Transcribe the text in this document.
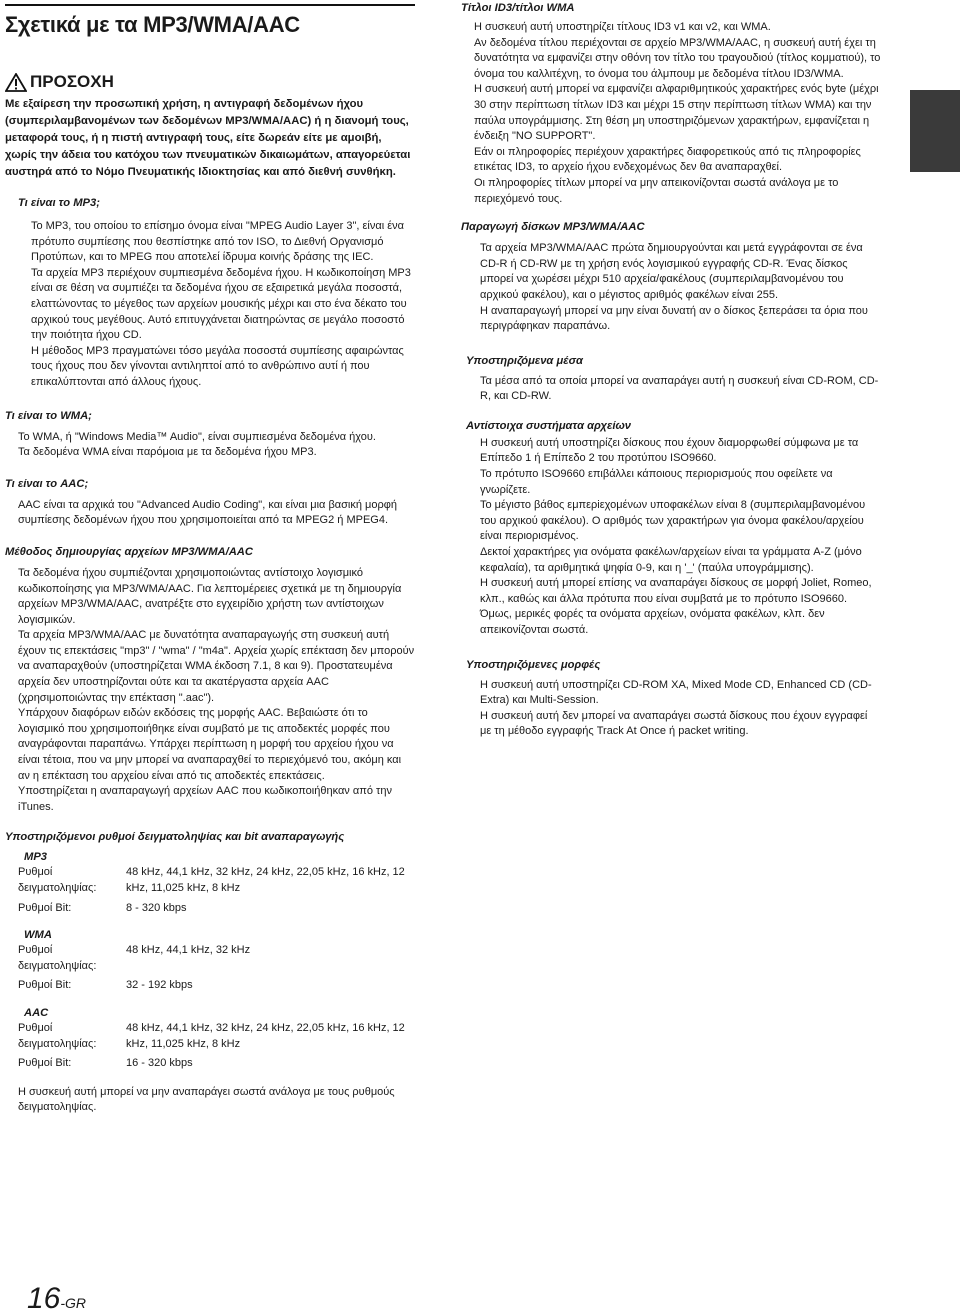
Σχετικά με τα MP3/WMA/AAC
ΠΡΟΣΟΧΗ
Με εξαίρεση την προσωπική χρήση, η αντιγραφή δεδομένων ήχου (συμπεριλαμβανομένων των δεδομένων MP3/WMA/AAC) ή η διανομή τους, μεταφορά τους, ή η πιστή αντιγραφή τους, είτε δωρεάν είτε με αμοιβή, χωρίς την άδεια του κατόχου των πνευματικών δικαιωμάτων, απαγορεύεται αυστηρά από το Νόμο Πνευματικής Ιδιοκτησίας και από διεθνή συνθήκη.
Τι είναι το MP3;
Το MP3, του οποίου το επίσημο όνομα είναι "MPEG Audio Layer 3", είναι ένα πρότυπο συμπίεσης που θεσπίστηκε από τον ISO, το Διεθνή Οργανισμό Προτύπων, και το MPEG που αποτελεί ίδρυμα κοινής δράσης της IEC.
Τα αρχεία MP3 περιέχουν συμπιεσμένα δεδομένα ήχου. Η κωδικοποίηση MP3 είναι σε θέση να συμπιέζει τα δεδομένα ήχου σε εξαιρετικά μεγάλα ποσοστά, ελαττώνοντας το μέγεθος των αρχείων μουσικής μέχρι και στο ένα δέκατο του αρχικού τους μεγέθους. Αυτό επιτυγχάνεται διατηρώντας σε μεγάλο ποσοστό την ποιότητα ήχου CD.
Η μέθοδος MP3 πραγματώνει τόσο μεγάλα ποσοστά συμπίεσης αφαιρώντας τους ήχους που δεν γίνονται αντιληπτοί από το ανθρώπινο αυτί ή που επικαλύπτονται από άλλους ήχους.
Τι είναι το WMA;
Το WMA, ή "Windows Media™ Audio", είναι συμπιεσμένα δεδομένα ήχου.
Τα δεδομένα WMA είναι παρόμοια με τα δεδομένα ήχου MP3.
Τι είναι το AAC;
AAC είναι τα αρχικά του "Advanced Audio Coding", και είναι μια βασική μορφή συμπίεσης δεδομένων ήχου που χρησιμοποιείται από τα MPEG2 ή MPEG4.
Μέθοδος δημιουργίας αρχείων MP3/WMA/AAC
Τα δεδομένα ήχου συμπιέζονται χρησιμοποιώντας αντίστοιχο λογισμικό κωδικοποίησης για MP3/WMA/AAC. Για λεπτομέρειες σχετικά με τη δημιουργία αρχείων MP3/WMA/AAC, ανατρέξτε στο εγχειρίδιο χρήστη των αντίστοιχων λογισμικών.
Τα αρχεία MP3/WMA/AAC με δυνατότητα αναπαραγωγής στη συσκευή αυτή έχουν τις επεκτάσεις "mp3" / "wma" / "m4a". Αρχεία χωρίς επέκταση δεν μπορούν να αναπαραχθούν (υποστηρίζεται WMA έκδοση 7.1, 8 και 9). Προστατευμένα αρχεία δεν υποστηρίζονται ούτε και τα ακατέργαστα αρχεία AAC (χρησιμοποιώντας την επέκταση ".aac").
Υπάρχουν διαφόρων ειδών εκδόσεις της μορφής AAC. Βεβαιώστε ότι το λογισμικό που χρησιμοποιήθηκε είναι συμβατό με τις αποδεκτές μορφές που αναγράφονται παραπάνω. Υπάρχει περίπτωση η μορφή του αρχείου ήχου να είναι τέτοια, που να μην μπορεί να αναπαραχθεί το περιεχόμενό του, ακόμη και αν η επέκταση του αρχείου είναι από τις αποδεκτές επεκτάσεις.
Υποστηρίζεται η αναπαραγωγή αρχείων AAC που κωδικοποιήθηκαν από την iTunes.
Υποστηριζόμενοι ρυθμοί δειγματοληψίας και bit αναπαραγωγής
MP3
Ρυθμοί δειγματοληψίας:
48 kHz, 44,1 kHz, 32 kHz, 24 kHz, 22,05 kHz, 16 kHz, 12 kHz, 11,025 kHz, 8 kHz
Ρυθμοί Bit:	8 - 320 kbps
WMA
Ρυθμοί δειγματοληψίας:
48 kHz, 44,1 kHz, 32 kHz
Ρυθμοί Bit:	32 - 192 kbps
AAC
Ρυθμοί δειγματοληψίας:
48 kHz, 44,1 kHz, 32 kHz, 24 kHz, 22,05 kHz, 16 kHz, 12 kHz, 11,025 kHz, 8 kHz
Ρυθμοί Bit:	16 - 320 kbps
Η συσκευή αυτή μπορεί να μην αναπαράγει σωστά ανάλογα με τους ρυθμούς δειγματοληψίας.
Τίτλοι ID3/τίτλοι WMA
Η συσκευή αυτή υποστηρίζει τίτλους ID3 v1 και v2, και WMA.
Αν δεδομένα τίτλου περιέχονται σε αρχείο MP3/WMA/AAC, η συσκευή αυτή έχει τη δυνατότητα να εμφανίζει στην οθόνη τον τίτλο του τραγουδιού (τίτλος κομματιού), το όνομα του καλλιτέχνη, το όνομα του άλμπουμ με δεδομένα τίτλου ID3/WMA.
Η συσκευή αυτή μπορεί να εμφανίζει αλφαριθμητικούς χαρακτήρες ενός byte (μέχρι 30 στην περίπτωση τίτλων ID3 και μέχρι 15 στην περίπτωση τίτλων WMA) και την παύλα υπογράμμισης. Στη θέση μη υποστηριζόμενων χαρακτήρων, εμφανίζεται η ένδειξη "NO SUPPORT".
Εάν οι πληροφορίες περιέχουν χαρακτήρες διαφορετικούς από τις πληροφορίες ετικέτας ID3, το αρχείο ήχου ενδεχομένως δεν θα αναπαραχθεί.
Οι πληροφορίες τίτλων μπορεί να μην απεικονίζονται σωστά ανάλογα με το περιεχόμενό τους.
Παραγωγή δίσκων MP3/WMA/AAC
Τα αρχεία MP3/WMA/AAC πρώτα δημιουργούνται και μετά εγγράφονται σε ένα CD-R ή CD-RW με τη χρήση ενός λογισμικού εγγραφής CD-R. Ένας δίσκος μπορεί να χωρέσει μέχρι 510 αρχεία/φακέλους (συμπεριλαμβανομένου του αρχικού φακέλου), και ο μέγιστος αριθμός φακέλων είναι 255.
Η αναπαραγωγή μπορεί να μην είναι δυνατή αν ο δίσκος ξεπεράσει τα όρια που περιγράφηκαν παραπάνω.
Υποστηριζόμενα μέσα
Τα μέσα από τα οποία μπορεί να αναπαράγει αυτή η συσκευή είναι CD-ROM, CD-R, και CD-RW.
Αντίστοιχα συστήματα αρχείων
Η συσκευή αυτή υποστηρίζει δίσκους που έχουν διαμορφωθεί σύμφωνα με τα Επίπεδο 1 ή Επίπεδο 2 του προτύπου ISO9660.
Το πρότυπο ISO9660 επιβάλλει κάποιους περιορισμούς που οφείλετε να γνωρίζετε.
Το μέγιστο βάθος εμπερiεχομένων υποφακέλων είναι 8 (συμπεριλαμβανομένου του αρχικού φακέλου). Ο αριθμός των χαρακτήρων για όνομα φακέλου/αρχείου είναι περιορισμένος.
Δεκτοί χαρακτήρες για ονόματα φακέλων/αρχείων είναι τα γράμματα A-Z (μόνο κεφαλαία), τα αριθμητικά ψηφία 0-9, και η '_' (παύλα υπογράμμισης).
Η συσκευή αυτή μπορεί επίσης να αναπαράγει δίσκους σε μορφή Joliet, Romeo, κλπ., καθώς και άλλα πρότυπα που είναι συμβατά με το πρότυπο ISO9660. Όμως, μερικές φορές τα ονόματα αρχείων, ονόματα φακέλων, κλπ. δεν απεικονίζονται σωστά.
Υποστηριζόμενες μορφές
Η συσκευή αυτή υποστηρίζει CD-ROM XA, Mixed Mode CD, Enhanced CD (CD-Extra) και Multi-Session.
Η συσκευή αυτή δεν μπορεί να αναπαράγει σωστά δίσκους που έχουν εγγραφεί με τη μέθοδο εγγραφής Track At Once ή packet writing.
16-GR
